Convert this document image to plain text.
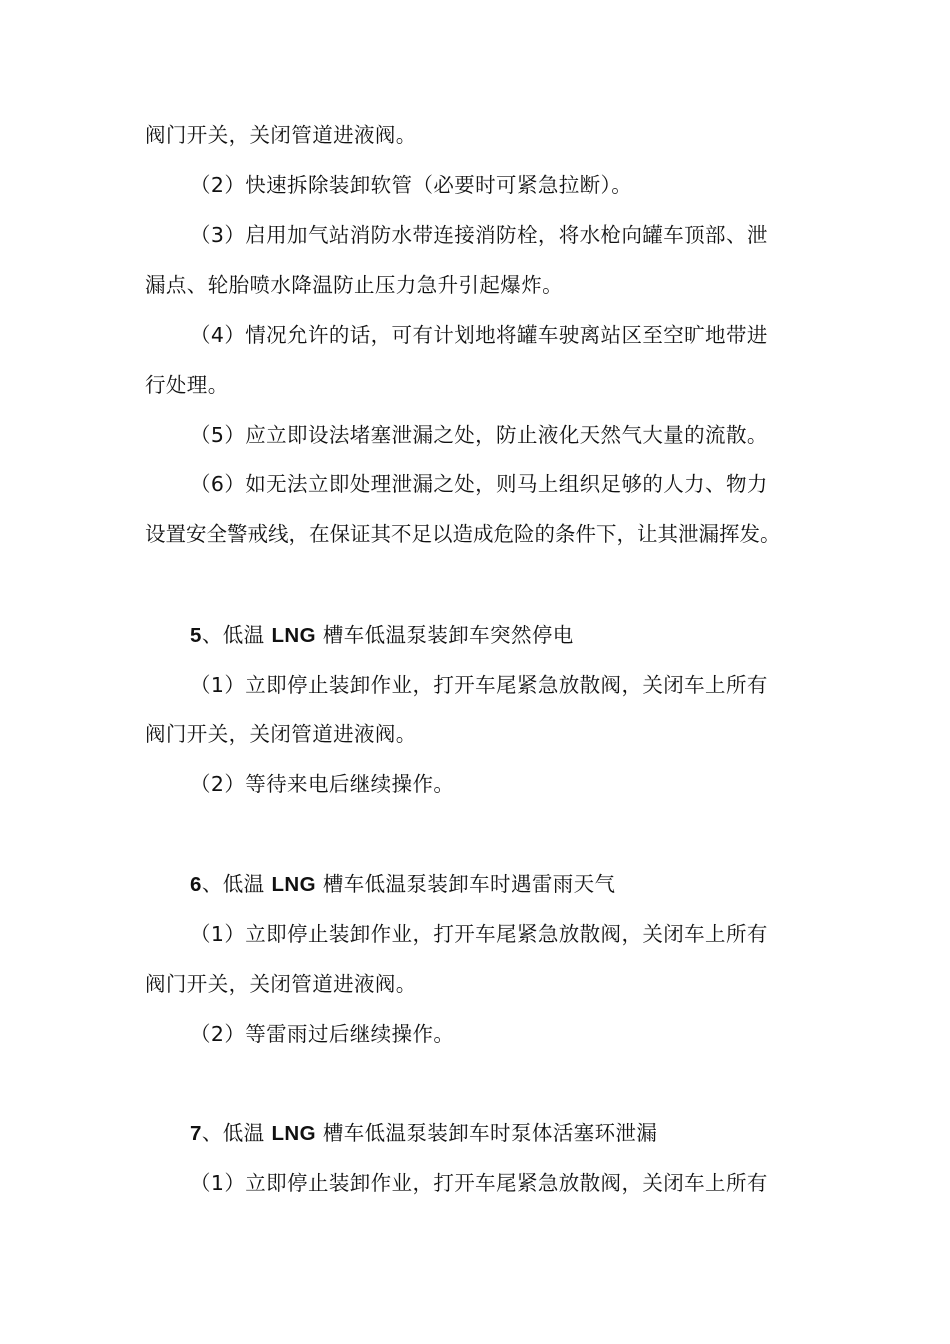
阀门开关，关闭管道进液阀。
（2）快速拆除装卸软管（必要时可紧急拉断）。
（3）启用加气站消防水带连接消防栓，将水枪向罐车顶部、泄
漏点、轮胎喷水降温防止压力急升引起爆炸。
（4）情况允许的话，可有计划地将罐车驶离站区至空旷地带进
行处理。
（5）应立即设法堵塞泄漏之处，防止液化天然气大量的流散。
（6）如无法立即处理泄漏之处，则马上组织足够的人力、物力
设置安全警戒线，在保证其不足以造成危险的条件下，让其泄漏挥发。
5、低温 LNG 槽车低温泵装卸车突然停电
（1）立即停止装卸作业，打开车尾紧急放散阀，关闭车上所有
阀门开关，关闭管道进液阀。
（2）等待来电后继续操作。
6、低温 LNG 槽车低温泵装卸车时遇雷雨天气
（1）立即停止装卸作业，打开车尾紧急放散阀，关闭车上所有
阀门开关，关闭管道进液阀。
（2）等雷雨过后继续操作。
7、低温 LNG 槽车低温泵装卸车时泵体活塞环泄漏
（1）立即停止装卸作业，打开车尾紧急放散阀，关闭车上所有
